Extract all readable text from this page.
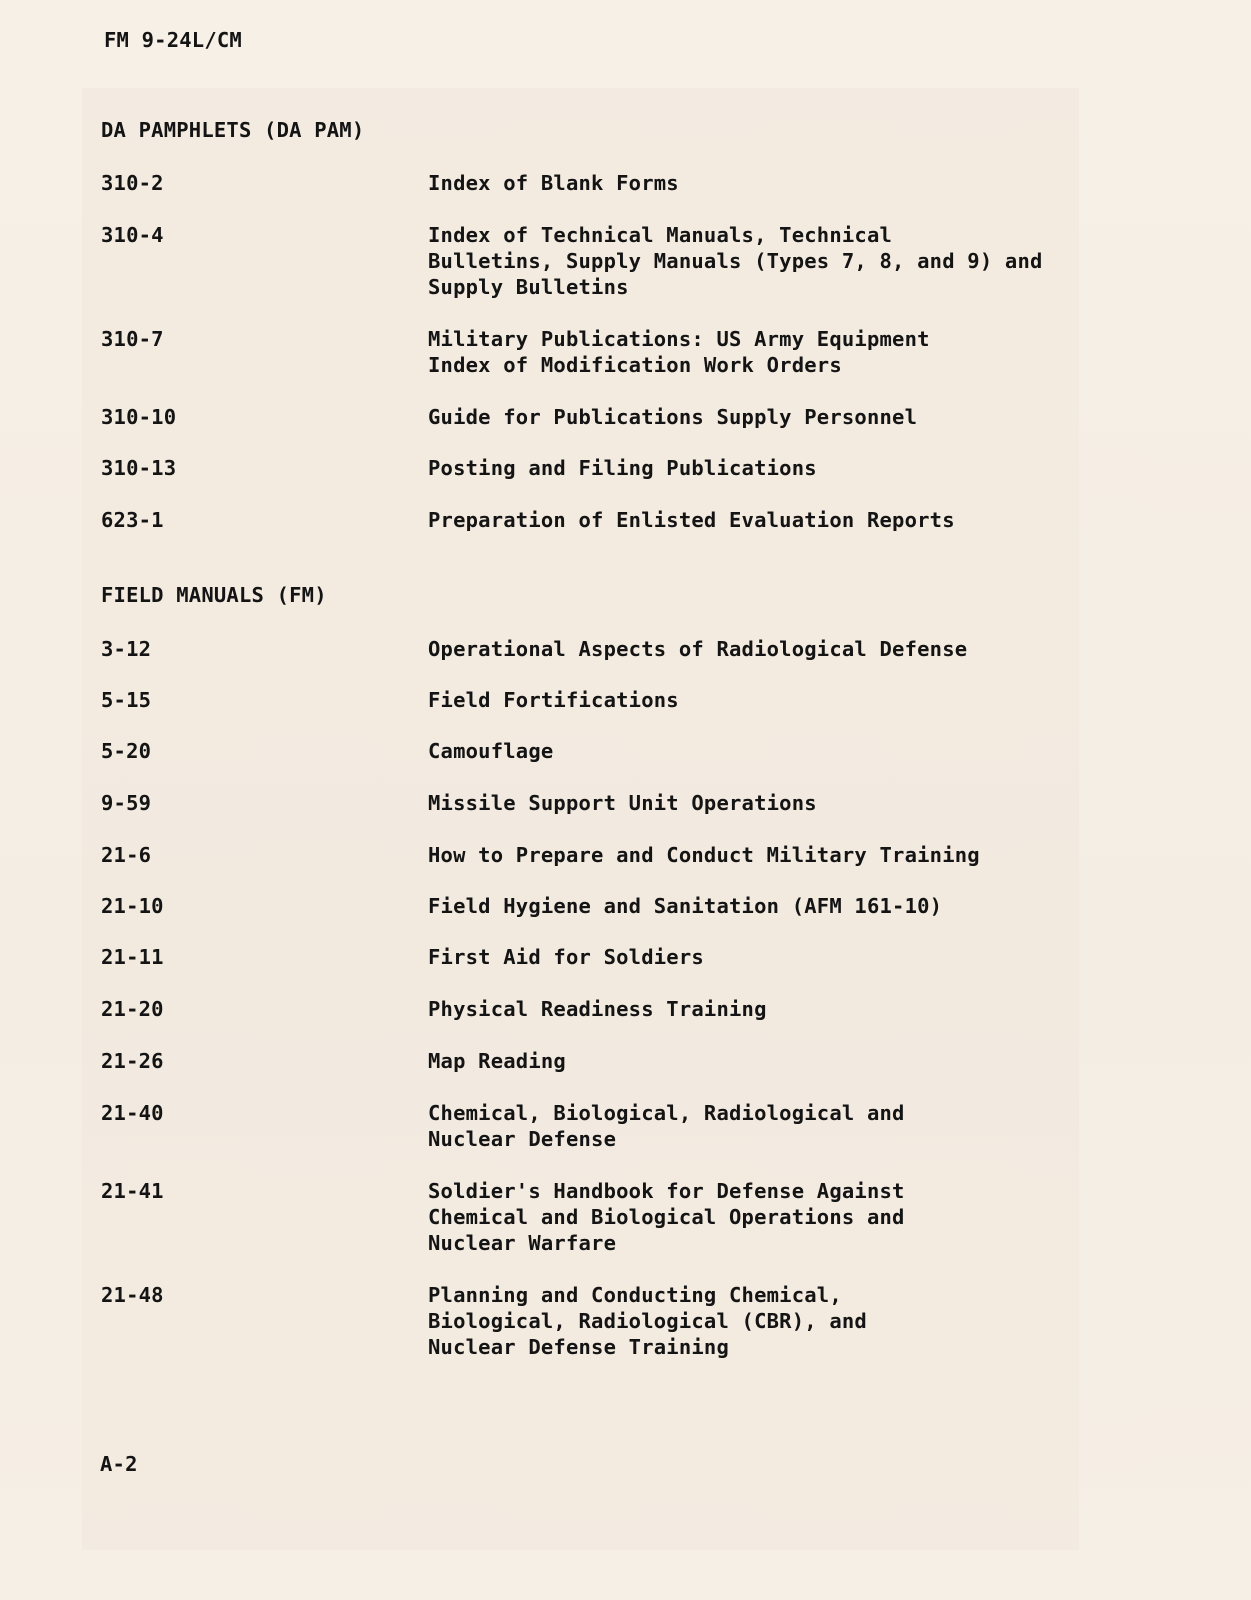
FM 9-24L/CM
DA PAMPHLETS (DA PAM)
310-2	Index of Blank Forms
310-4	Index of Technical Manuals, Technical
Bulletins, Supply Manuals (Types 7, 8, and 9) and
Supply Bulletins
310-7	Military Publications: US Army Equipment
Index of Modification Work Orders
310-10	Guide for Publications Supply Personnel
310-13	Posting and Filing Publications
623-1	Preparation of Enlisted Evaluation Reports
FIELD MANUALS (FM)
3-12	Operational Aspects of Radiological Defense
5-15	Field Fortifications
5-20	Camouflage
9-59	Missile Support Unit Operations
21-6	How to Prepare and Conduct Military Training
21-10	Field Hygiene and Sanitation (AFM 161-10)
21-11	First Aid for Soldiers
21-20	Physical Readiness Training
21-26	Map Reading
21-40	Chemical, Biological, Radiological and
Nuclear Defense
21-41	Soldier's Handbook for Defense Against
Chemical and Biological Operations and
Nuclear Warfare
21-48	Planning and Conducting Chemical,
Biological, Radiological (CBR), and
Nuclear Defense Training
A-2
